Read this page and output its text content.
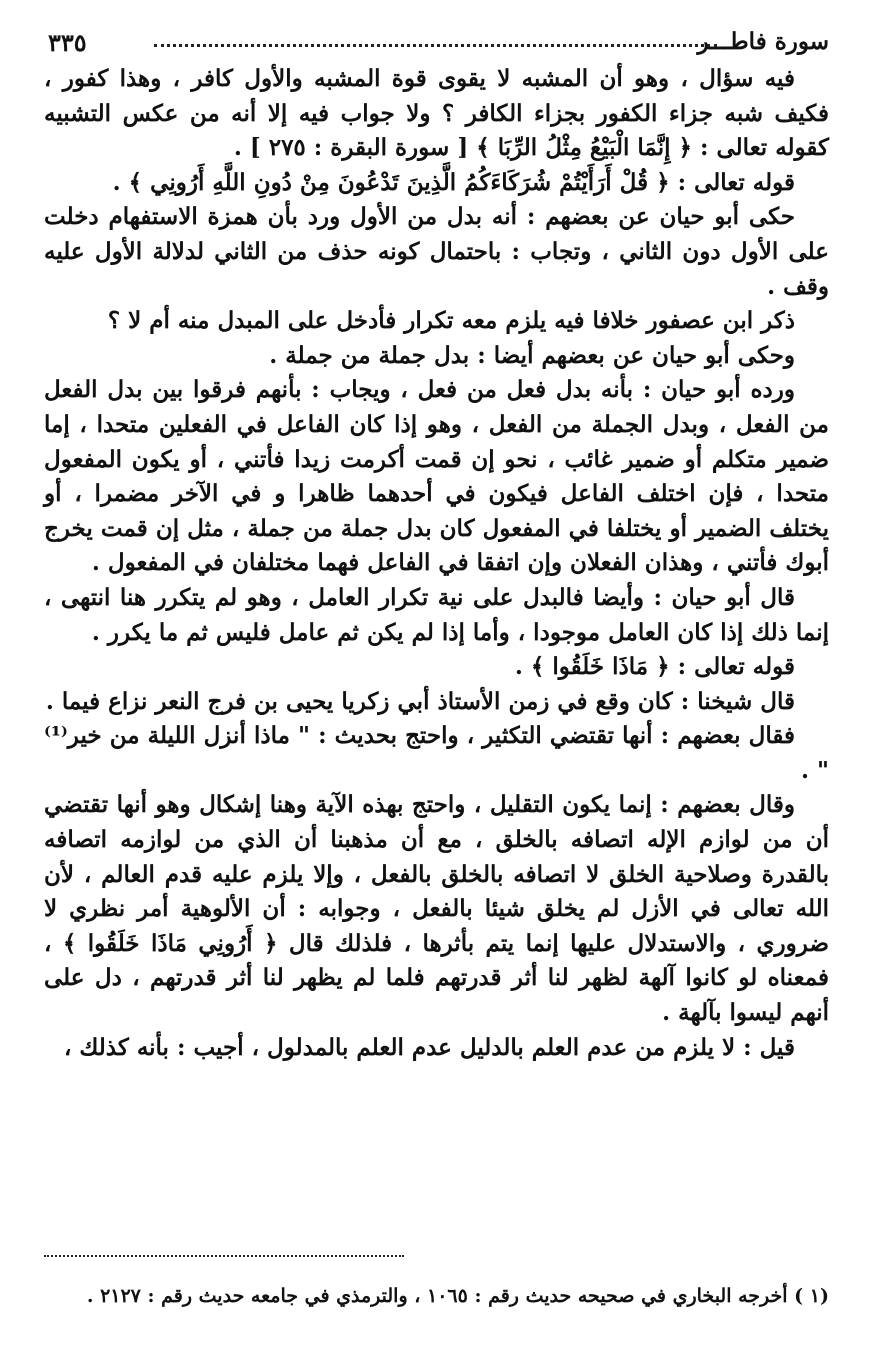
سورة فاطـــر
٣٣٥

فيه سؤال ، وهو أن المشبه لا يقوى قوة المشبه والأول كافر ، وهذا كفور ، فكيف شبه جزاء الكفور بجزاء الكافر ؟ ولا جواب فيه إلا أنه من عكس التشبيه كقوله تعالى : ﴿ إِنَّمَا الْبَيْعُ مِثْلُ الرِّبَا ﴾ [ سورة البقرة : ٢٧٥ ] .

قوله تعالى : ﴿ قُلْ أَرَأَيْتُمْ شُرَكَاءَكُمُ الَّذِينَ تَدْعُونَ مِنْ دُونِ اللَّهِ أَرُونِي ﴾ .

حكى أبو حيان عن بعضهم : أنه بدل من الأول ورد بأن همزة الاستفهام دخلت على الأول دون الثاني ، وتجاب : باحتمال كونه حذف من الثاني لدلالة الأول عليه وقف .

ذكر ابن عصفور خلافا فيه يلزم معه تكرار فأدخل على المبدل منه أم لا ؟

وحكى أبو حيان عن بعضهم أيضا : بدل جملة من جملة .

ورده أبو حيان : بأنه بدل فعل من فعل ، ويجاب : بأنهم فرقوا بين بدل الفعل من الفعل ، وبدل الجملة من الفعل ، وهو إذا كان الفاعل في الفعلين متحدا ، إما ضمير متكلم أو ضمير غائب ، نحو إن قمت أكرمت زيدا فأتني ، أو يكون المفعول متحدا ، فإن اختلف الفاعل فيكون في أحدهما ظاهرا و في الآخر مضمرا ، أو يختلف الضمير أو يختلفا في المفعول كان بدل جملة من جملة ، مثل إن قمت يخرج أبوك فأتني ، وهذان الفعلان وإن اتفقا في الفاعل فهما مختلفان في المفعول .

قال أبو حيان : وأيضا فالبدل على نية تكرار العامل ، وهو لم يتكرر هنا انتهى ، إنما ذلك إذا كان العامل موجودا ، وأما إذا لم يكن ثم عامل فليس ثم ما يكرر .

قوله تعالى : ﴿ مَاذَا خَلَقُوا ﴾ .

قال شيخنا : كان وقع في زمن الأستاذ أبي زكريا يحيى بن فرج النعر نزاع فيما .

فقال بعضهم : أنها تقتضي التكثير ، واحتج بحديث : " ماذا أنزل الليلة من خير⁽¹⁾ " .

وقال بعضهم : إنما يكون التقليل ، واحتج بهذه الآية وهنا إشكال وهو أنها تقتضي أن من لوازم الإله اتصافه بالخلق ، مع أن مذهبنا أن الذي من لوازمه اتصافه بالقدرة وصلاحية الخلق لا اتصافه بالخلق بالفعل ، وإلا يلزم عليه قدم العالم ، لأن الله تعالى في الأزل لم يخلق شيئا بالفعل ، وجوابه : أن الألوهية أمر نظري لا ضروري ، والاستدلال عليها إنما يتم بأثرها ، فلذلك قال ﴿ أَرُونِي مَاذَا خَلَقُوا ﴾ ، فمعناه لو كانوا آلهة لظهر لنا أثر قدرتهم فلما لم يظهر لنا أثر قدرتهم ، دل على أنهم ليسوا بآلهة .

قيل : لا يلزم من عدم العلم بالدليل عدم العلم بالمدلول ، أجيب : بأنه كذلك ،

(١ ) أخرجه البخاري في صحيحه حديث رقم : ١٠٦٥ ، والترمذي في جامعه حديث رقم : ٢١٢٧ .
